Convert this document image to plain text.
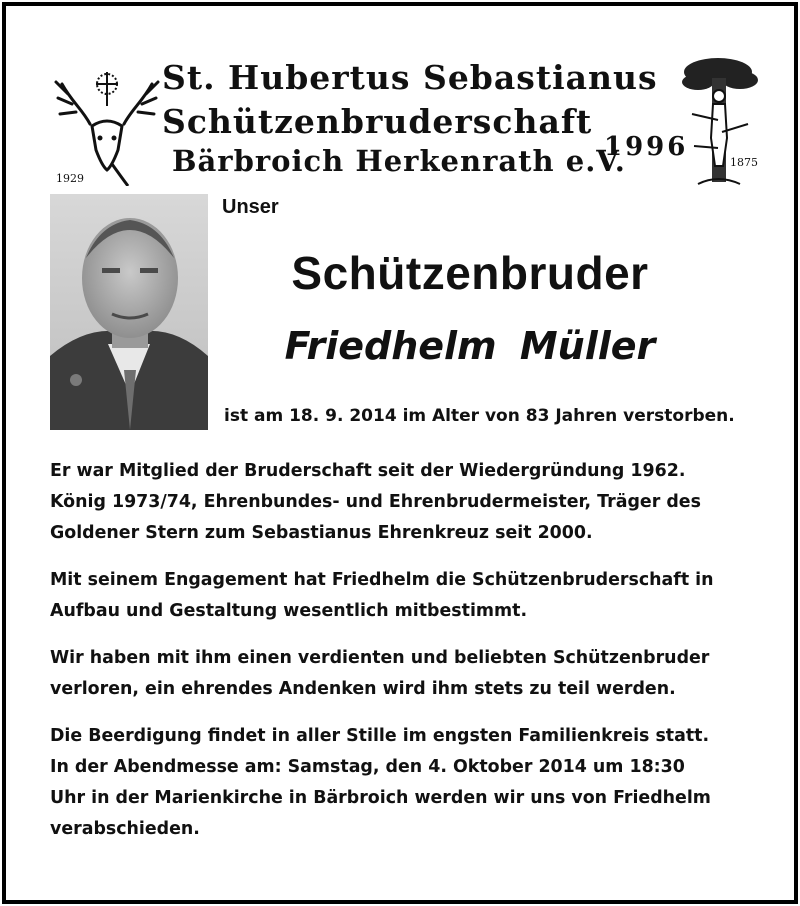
St. Hubertus Sebastianus
Schützenbruderschaft
Bärbroich Herkenrath e.V.
1929
1996
1875
Unser
Schützenbruder
Friedhelm Müller
ist am 18. 9. 2014 im Alter von 83 Jahren verstorben.
Er war Mitglied der Bruderschaft seit der Wiedergründung 1962.
König 1973/74, Ehrenbundes- und Ehrenbrudermeister, Träger des
Goldener Stern zum Sebastianus Ehrenkreuz seit 2000.
Mit seinem Engagement hat Friedhelm die Schützenbruderschaft in
Aufbau und Gestaltung wesentlich mitbestimmt.
Wir haben mit ihm einen verdienten und beliebten Schützenbruder
verloren, ein ehrendes Andenken wird ihm stets zu teil werden.
Die Beerdigung findet in aller Stille im engsten Familienkreis statt.
In der Abendmesse am: Samstag, den 4. Oktober 2014 um 18:30
Uhr in der Marienkirche in Bärbroich werden wir uns von Friedhelm
verabschieden.
